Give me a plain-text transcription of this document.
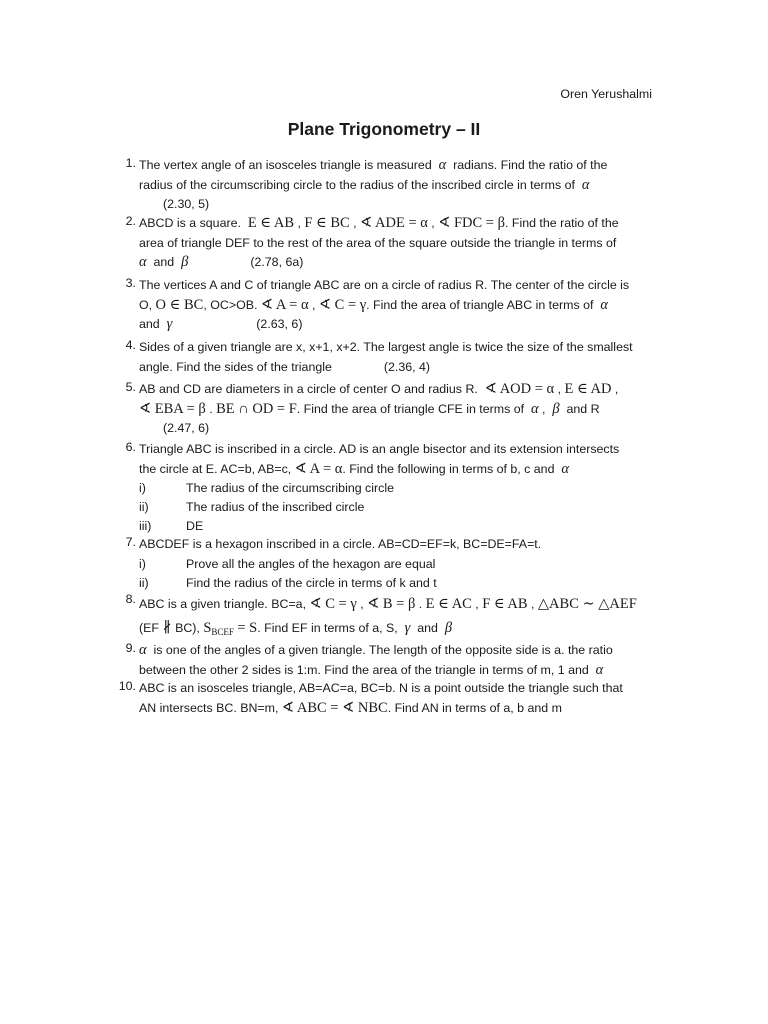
Oren Yerushalmi
Plane Trigonometry – II
1. The vertex angle of an isosceles triangle is measured α radians. Find the ratio of the

radius of the circumscribing circle to the radius of the inscribed circle in terms of α

(2.30, 5)

2. ABCD is a square. E ∈ AB , F ∈ BC , ∢ ADE = α , ∢ FDC = β. Find the ratio of the

area of triangle DEF to the rest of the area of the square outside the triangle in terms of

α and β	(2.78, 6a)

3. The vertices A and C of triangle ABC are on a circle of radius R. The center of the circle is

O, O ∈ BC, OC>OB. ∢ A = α , ∢ C = γ. Find the area of triangle ABC in terms of α

and γ	(2.63, 6)

4. Sides of a given triangle are x, x+1, x+2. The largest angle is twice the size of the smallest

angle. Find the sides of the triangle	(2.36, 4)

5. AB and CD are diameters in a circle of center O and radius R. ∢ AOD = α , E ∈ AD ,

∢ EBA = β . BE ∩ OD = F. Find the area of triangle CFE in terms of α ,  β and R

(2.47, 6)

6. Triangle ABC is inscribed in a circle. AD is an angle bisector and its extension intersects

the circle at E. AC=b, AB=c, ∢ A = α. Find the following in terms of b, c and α

i)	The radius of the circumscribing circle
ii)	The radius of the inscribed circle
iii)	DE
7. ABCDEF is a hexagon inscribed in a circle. AB=CD=EF=k, BC=DE=FA=t.

i)	Prove all the angles of the hexagon are equal
ii)	Find the radius of the circle in terms of k and t
8. ABC is a given triangle. BC=a, ∢ C = γ , ∢ B = β . E ∈ AC , F ∈ AB , △ABC ∼ △AEF

(EF ∦ BC), $S_{BCEF} = S$. Find EF in terms of a, S, γ and β

9. α is one of the angles of a given triangle. The length of the opposite side is a. the ratio

between the other 2 sides is 1:m. Find the area of the triangle in terms of m, 1 and α

10. ABC is an isosceles triangle, AB=AC=a, BC=b. N is a point outside the triangle such that

AN intersects BC. BN=m, ∢ ABC = ∢ NBC. Find AN in terms of a, b and m
